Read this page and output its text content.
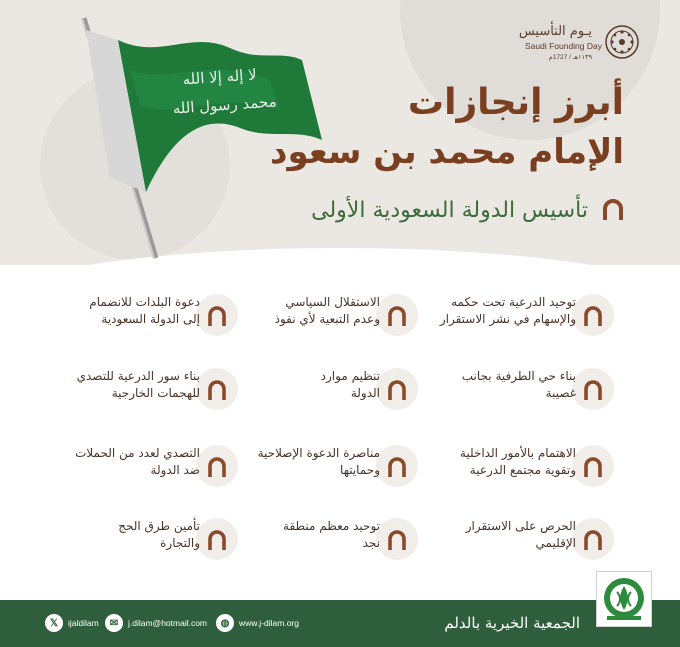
لا إله إلا الله
محمد رسول الله
يـوم التأسيس
Saudi Founding Day
١١٣٩هـ / 1727م
أبرز إنجازات
الإمام محمد بن سعود
تأسيس الدولة السعودية الأولى
توحيد الدرعية تحت حكمه
والإسهام في نشر الاستقرار
الاستقلال السياسي
وعدم التبعية لأي نفوذ
دعوة البلدات للانضمام
إلى الدولة السعودية
بناء حي الطرفية بجانب
غصيبة
تنظيم موارد
الدولة
بناء سور الدرعية للتصدي
للهجمات الخارجية
الاهتمام بالأمور الداخلية
وتقوية مجتمع الدرعية
مناصرة الدعوة الإصلاحية
وحمايتها
التصدي لعدد من الحملات
ضد الدولة
الحرص على الاستقرار
الإقليمي
توحيد معظم منطقة
نجد
تأمين طرق الحج
والتجارة
الجمعية الخيرية بالدلم
𝕏	ijaldilam	✉	j.dilam@hotmail.com	◍	www.j-dilam.org
